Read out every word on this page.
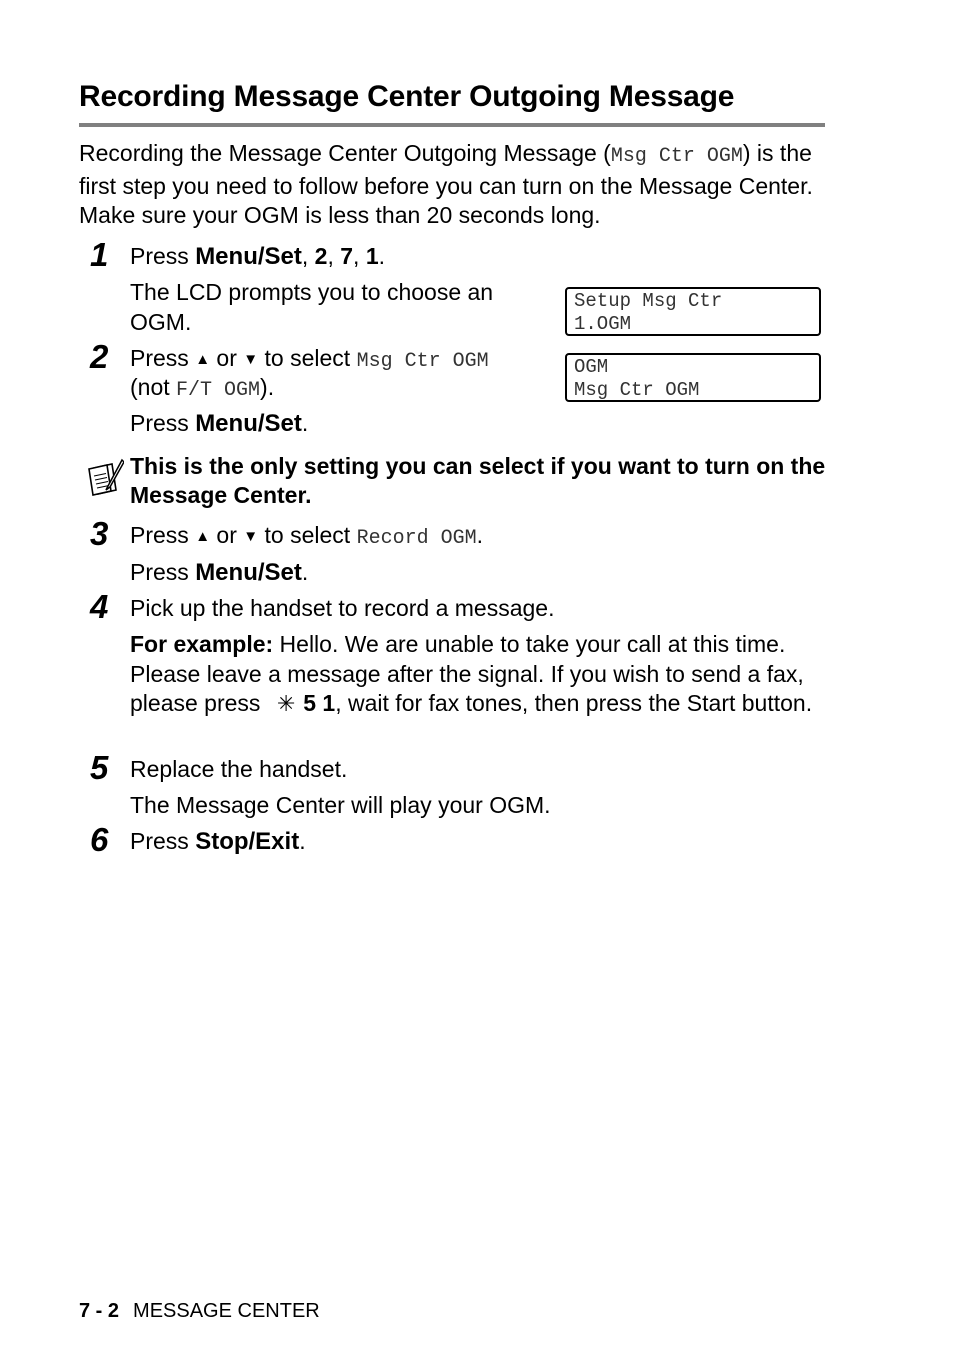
Recording Message Center Outgoing Message
Recording the Message Center Outgoing Message (Msg Ctr OGM) is the first step you need to follow before you can turn on the Message Center. Make sure your OGM is less than 20 seconds long.
1 Press Menu/Set, 2, 7, 1.
The LCD prompts you to choose an OGM.
Setup Msg Ctr
1.OGM
OGM
Msg Ctr OGM
2 Press ▲ or ▼ to select Msg Ctr OGM
(not F/T OGM).
Press Menu/Set.
This is the only setting you can select if you want to turn on the Message Center.
3 Press ▲ or ▼ to select Record OGM.
Press Menu/Set.
4 Pick up the handset to record a message.
For example: Hello. We are unable to take your call at this time. Please leave a message after the signal. If you wish to send a fax, please press ✳ 5 1, wait for fax tones, then press the Start button.
5 Replace the handset.
The Message Center will play your OGM.
6 Press Stop/Exit.
7 - 2 MESSAGE CENTER
